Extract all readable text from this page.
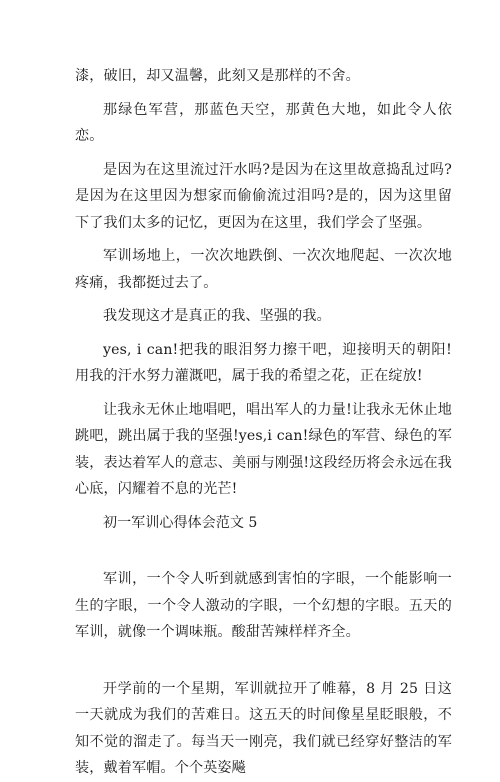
漆，破旧，却又温馨，此刻又是那样的不舍。

那绿色军营，那蓝色天空，那黄色大地，如此令人依恋。

是因为在这里流过汗水吗?是因为在这里故意捣乱过吗?是因为在这里因为想家而偷偷流过泪吗?是的，因为这里留下了我们太多的记忆，更因为在这里，我们学会了坚强。

军训场地上，一次次地跌倒、一次次地爬起、一次次地疼痛，我都挺过去了。

我发现这才是真正的我、坚强的我。

yes, i can!把我的眼泪努力擦干吧，迎接明天的朝阳!用我的汗水努力灌溉吧，属于我的希望之花，正在绽放!

让我永无休止地唱吧，唱出军人的力量!让我永无休止地跳吧，跳出属于我的坚强!yes,i can!绿色的军营、绿色的军装，表达着军人的意志、美丽与刚强!这段经历将会永远在我心底，闪耀着不息的光芒!

初一军训心得体会范文 5

军训，一个令人听到就感到害怕的字眼，一个能影响一生的字眼，一个令人激动的字眼，一个幻想的字眼。五天的军训，就像一个调味瓶。酸甜苦辣样样齐全。

开学前的一个星期，军训就拉开了帷幕，8 月 25 日这一天就成为我们的苦难日。这五天的时间像星星眨眼般，不知不觉的溜走了。每当天一刚亮，我们就已经穿好整洁的军装，戴着军帽。个个英姿飚
